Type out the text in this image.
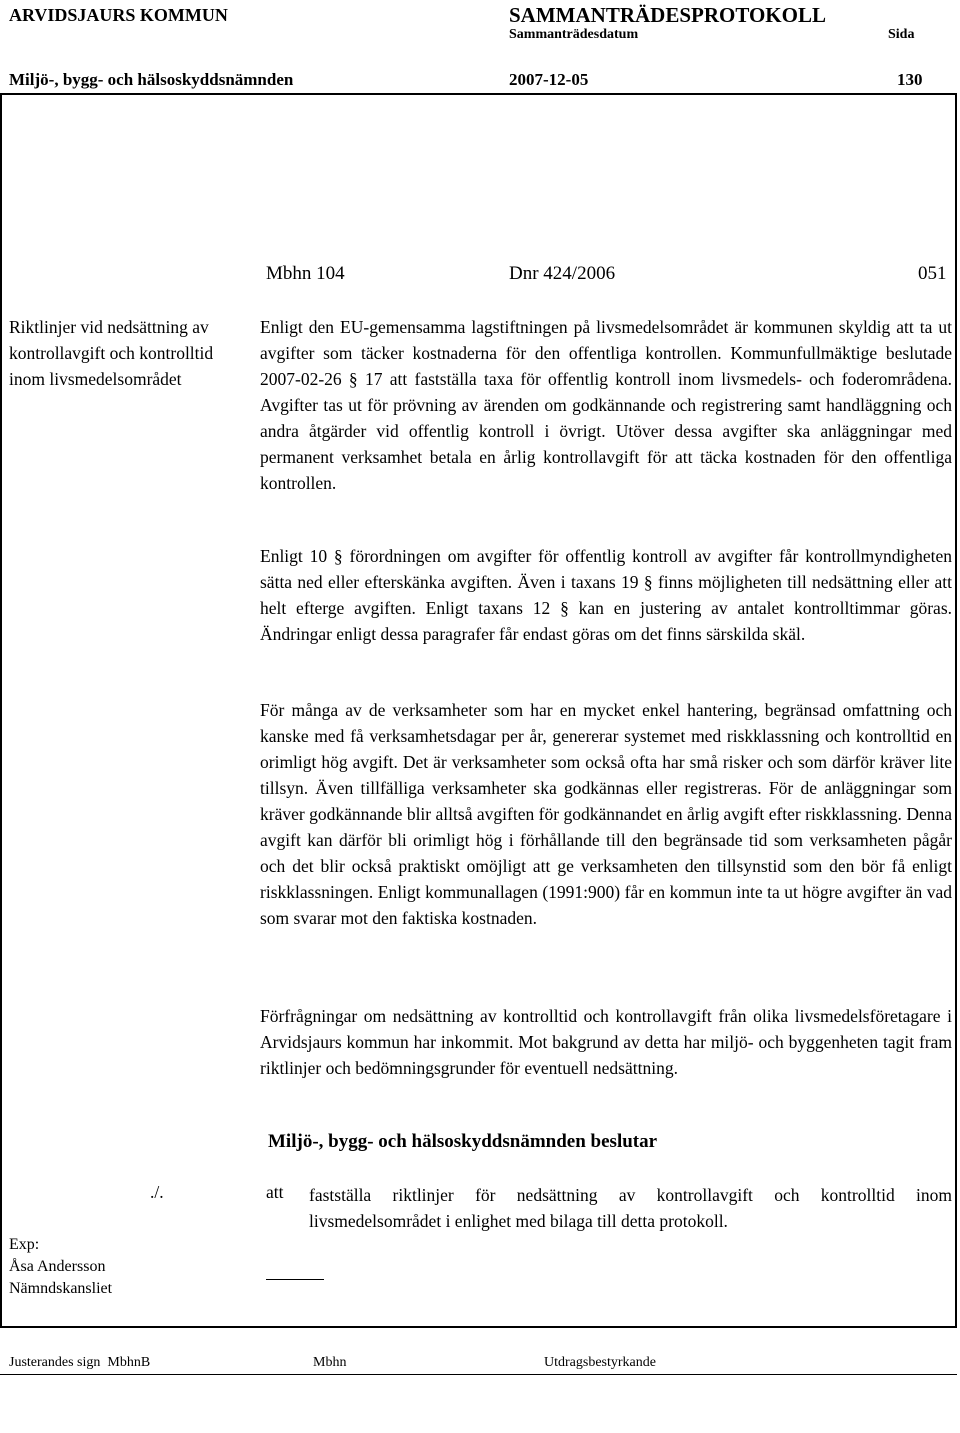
ARVIDSJAURS KOMMUN	SAMMANTRÄDESPROTOKOLL
Sammanträdesdatum	Sida
Miljö-, bygg- och hälsoskyddsnämnden	2007-12-05	130
Mbhn 104	Dnr 424/2006	051
Riktlinjer vid nedsättning av kontrollavgift och kontrolltid inom livsmedelsområdet
Enligt den EU-gemensamma lagstiftningen på livsmedelsområdet är kommunen skyldig att ta ut avgifter som täcker kostnaderna för den offentliga kontrollen. Kommunfullmäktige beslutade 2007-02-26 § 17 att fastställa taxa för offentlig kontroll inom livsmedels- och foderområdena. Avgifter tas ut för prövning av ärenden om godkännande och registrering samt handläggning och andra åtgärder vid offentlig kontroll i övrigt. Utöver dessa avgifter ska anläggningar med permanent verksamhet betala en årlig kontrollavgift för att täcka kostnaden för den offentliga kontrollen.
Enligt 10 § förordningen om avgifter för offentlig kontroll av avgifter får kontrollmyndigheten sätta ned eller efterskänka avgiften. Även i taxans 19 § finns möjligheten till nedsättning eller att helt efterge avgiften. Enligt taxans 12 § kan en justering av antalet kontrolltimmar göras. Ändringar enligt dessa paragrafer får endast göras om det finns särskilda skäl.
För många av de verksamheter som har en mycket enkel hantering, begränsad omfattning och kanske med få verksamhetsdagar per år, genererar systemet med riskklassning och kontrolltid en orimligt hög avgift. Det är verksamheter som också ofta har små risker och som därför kräver lite tillsyn. Även tillfälliga verksamheter ska godkännas eller registreras. För de anläggningar som kräver godkännande blir alltså avgiften för godkännandet en årlig avgift efter riskklassning. Denna avgift kan därför bli orimligt hög i förhållande till den begränsade tid som verksamheten pågår och det blir också praktiskt omöjligt att ge verksamheten den tillsynstid som den bör få enligt riskklassningen. Enligt kommunallagen (1991:900) får en kommun inte ta ut högre avgifter än vad som svarar mot den faktiska kostnaden.
Förfrågningar om nedsättning av kontrolltid och kontrollavgift från olika livsmedelsföretagare i Arvidsjaurs kommun har inkommit. Mot bakgrund av detta har miljö- och byggenheten tagit fram riktlinjer och bedömningsgrunder för eventuell nedsättning.
Miljö-, bygg- och hälsoskyddsnämnden beslutar
./.	att fastställa riktlinjer för nedsättning av kontrollavgift och kontrolltid inom livsmedelsområdet i enlighet med bilaga till detta protokoll.
Exp:
Åsa Andersson
Nämndskansliet
Justerandes sign  MbhnB	Mbhn	Utdragsbestyrkande
